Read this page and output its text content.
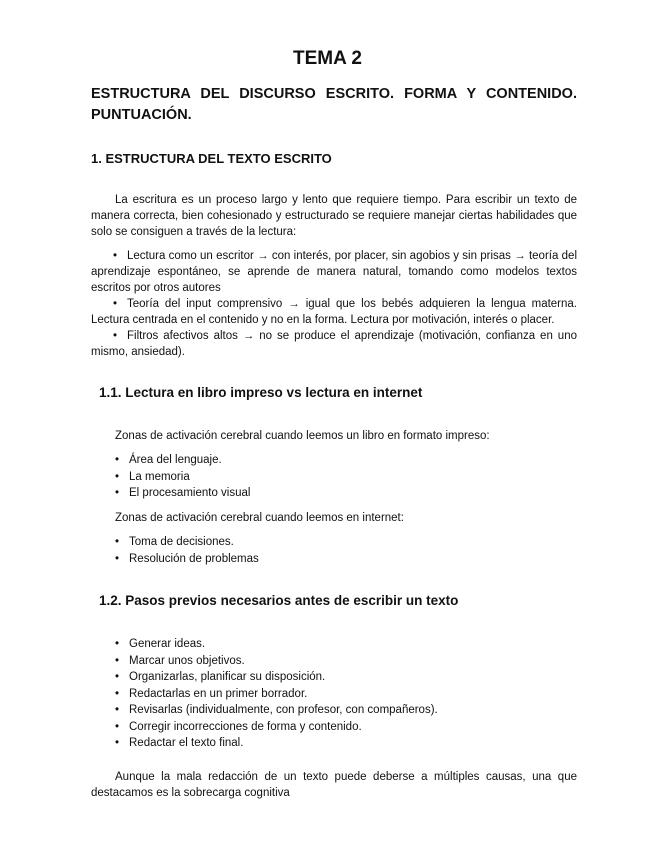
TEMA 2
ESTRUCTURA DEL DISCURSO ESCRITO. FORMA Y CONTENIDO. PUNTUACIÓN.
1. ESTRUCTURA DEL TEXTO ESCRITO

La escritura es un proceso largo y lento que requiere tiempo. Para escribir un texto de manera correcta, bien cohesionado y estructurado se requiere manejar ciertas habilidades que solo se consiguen a través de la lectura:

• Lectura como un escritor → con interés, por placer, sin agobios y sin prisas → teoría del aprendizaje espontáneo, se aprende de manera natural, tomando como modelos textos escritos por otros autores

• Teoría del input comprensivo → igual que los bebés adquieren la lengua materna. Lectura centrada en el contenido y no en la forma. Lectura por motivación, interés o placer.

• Filtros afectivos altos → no se produce el aprendizaje (motivación, confianza en uno mismo, ansiedad).

1.1. Lectura en libro impreso vs lectura en internet

Zonas de activación cerebral cuando leemos un libro en formato impreso:

• Área del lenguaje.
• La memoria
• El procesamiento visual

Zonas de activación cerebral cuando leemos en internet:

• Toma de decisiones.
• Resolución de problemas
1.2. Pasos previos necesarios antes de escribir un texto
• Generar ideas.
• Marcar unos objetivos.
• Organizarlas, planificar su disposición.
• Redactarlas en un primer borrador.
• Revisarlas (individualmente, con profesor, con compañeros).
• Corregir incorrecciones de forma y contenido.
• Redactar el texto final.

Aunque la mala redacción de un texto puede deberse a múltiples causas, una que destacamos es la sobrecarga cognitiva
